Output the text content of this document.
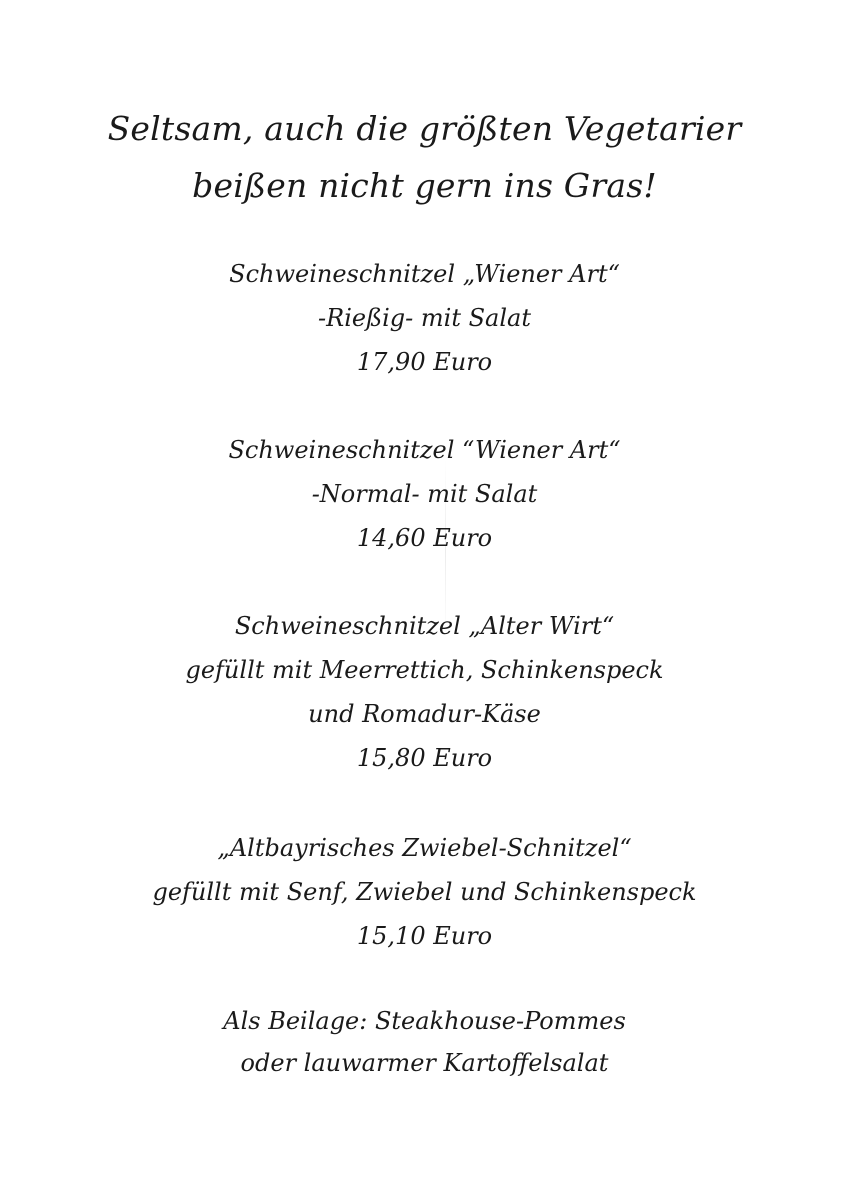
Seltsam, auch die größten Vegetarier
beißen nicht gern ins Gras!
Schweineschnitzel „Wiener Art“
-Rießig- mit Salat
17,90 Euro
Schweineschnitzel “Wiener Art“
-Normal- mit Salat
14,60 Euro
Schweineschnitzel „Alter Wirt“
gefüllt mit Meerrettich, Schinkenspeck
und Romadur-Käse
15,80 Euro
„Altbayrisches Zwiebel-Schnitzel“
gefüllt mit Senf, Zwiebel und Schinkenspeck
15,10 Euro
Als Beilage: Steakhouse-Pommes
oder lauwarmer Kartoffelsalat
